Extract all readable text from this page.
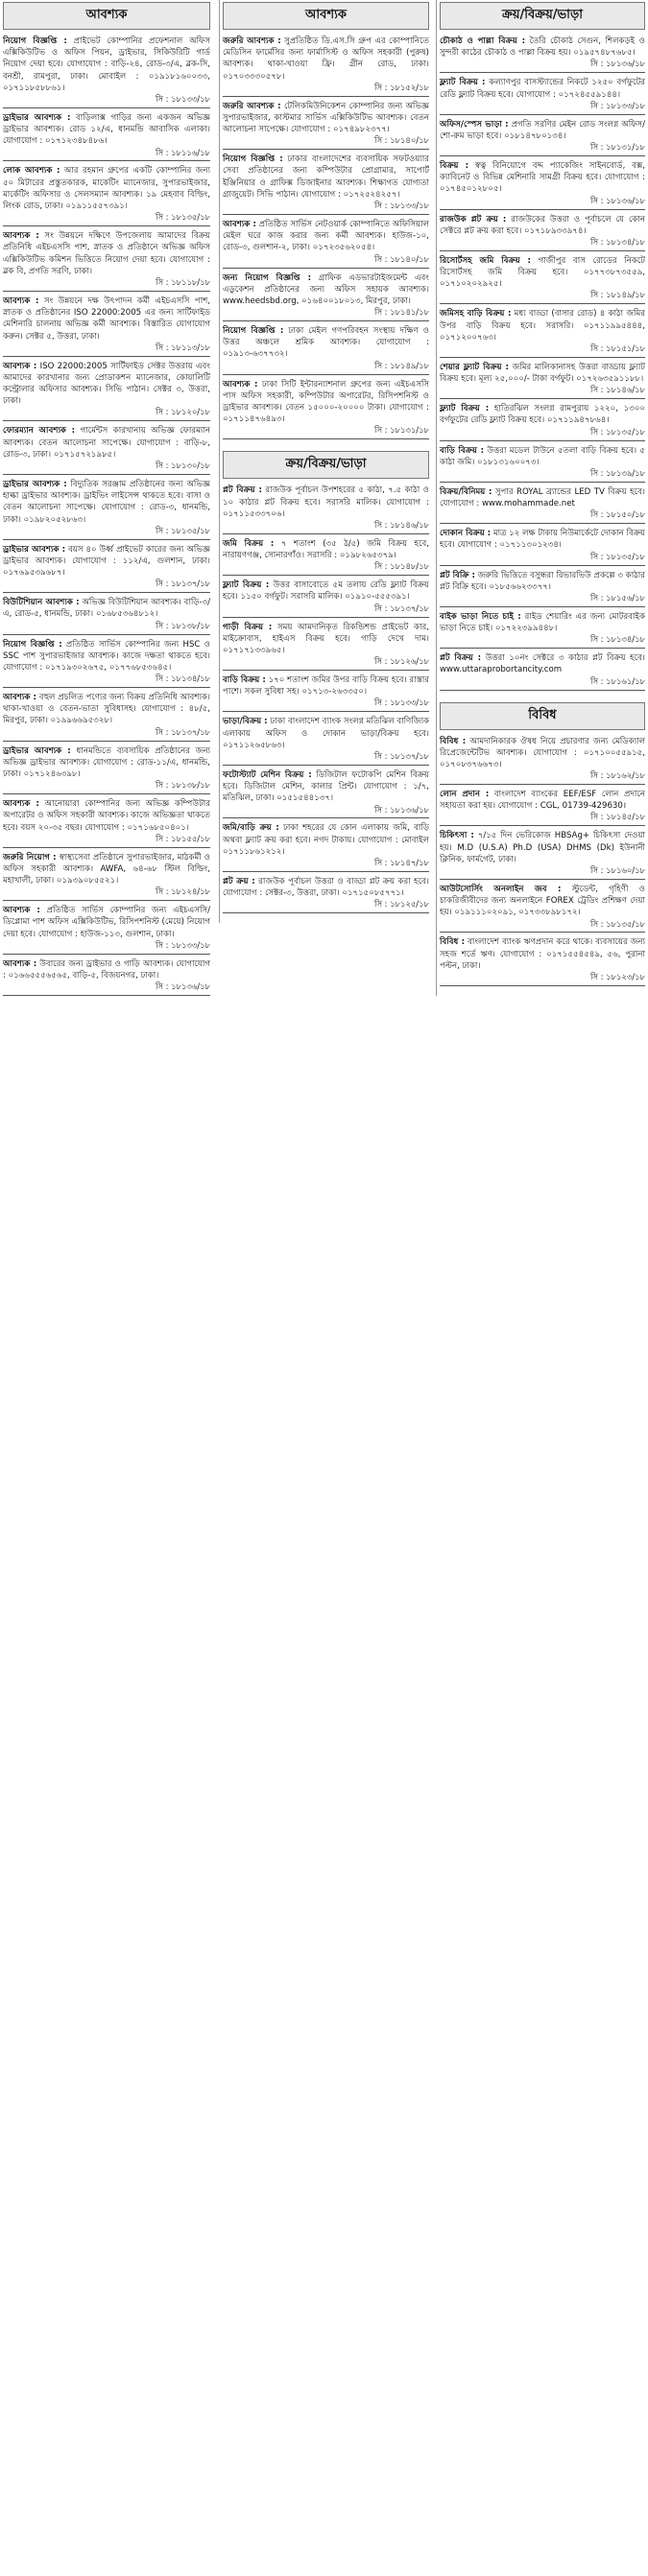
আবশ্যক
নিয়োগ বিজ্ঞপ্তি : প্রাইভেট কোম্পানির প্রফেশনাল অফিস এক্সিকিউটিভ ও অফিস পিয়ন, ড্রাইভার, সিকিউরিটি গার্ড নিয়োগ দেয়া হবে। যোগাযোগ : বাড়ি-২৪, রোড-৩/এ, ব্লক-সি, বনশ্রী, রামপুরা, ঢাকা। মোবাইল : ০১৯১৮১৬০০৩৩, ০১৭১১৮৫৮৮৬১।
সি : ১৮১৩৩/১৮
ড্রাইভার আবশ্যক : বাড়িলাক্স গাড়ির জন্য একজন অভিজ্ঞ ড্রাইভার আবশ্যক। রোড ১২/এ, ধানমন্ডি আবাসিক এলাকা। যোগাযোগ : ০১৭১২৩৪৮৪৮৬।
সি : ১৮১১৬/১৮
লোক আবশ্যক : আর রহমান গ্রুপের একটি কোম্পানির জন্য ৫০ মিটারের প্রস্তুতকারক, মাকেটিং ম্যানেজার, সুপারভাইজার, মার্কেটিং অফিসার ও সেলসম্যান আবশ্যক। ১৯ মেহবাব বিল্ডিং, লিংক রোড, ঢাকা। ০১৯১১৫৫৭৩৯১।
সি : ১৮১৩৫/১৮
আবশ্যক : সং উন্নয়নে দক্ষিণে উপজেলায় আমাদের বিক্রয় প্রতিনিধি এইচএসসি পাশ, স্নাতক ও প্রতিষ্ঠানে অভিজ্ঞ অফিস এক্সিকিউটিভ কমিশন ভিত্তিতে নিয়োগ দেয়া হবে। যোগাযোগ : ব্লক বি, প্রগতি সরণি, ঢাকা।
সি : ১৮১১৮/১৮
আবশ্যক : সং উন্নয়নে দক্ষ উৎপাদন কর্মী এইচএসসি পাশ, স্নাতক ও প্রতিষ্ঠানের ISO 22000:2005 এর জন্য সার্টিফাইড মেশিনারি চালনায় অভিজ্ঞ কর্মী আবশ্যক। বিস্তারিত যোগাযোগ করুন। সেক্টর ৫, উত্তরা, ঢাকা।
সি : ১৮১১৩/১৮
আবশ্যক : ISO 22000:2005 সার্টিফাইড সেক্টর উত্তরায় এবং আমাদের কারখানার জন্য প্রোডাকশন ম্যানেজার, কোয়ালিটি কন্ট্রোলার অফিসার আবশ্যক। সিভি পাঠান। সেক্টর ৩, উত্তরা, ঢাকা।
সি : ১৮১২০/১৮
ফোরম্যান আবশ্যক : গার্মেন্টস কারখানায় অভিজ্ঞ ফোরম্যান আবশ্যক। বেতন আলোচনা সাপেক্ষে। যোগাযোগ : বাড়ি-৮, রোড-৩, ঢাকা। ০১৭১৫৭২১৯৮৫।
সি : ১৮১৩০/১৮
ড্রাইভার আবশ্যক : বিদ্যুতিক সরঞ্জাম প্রতিষ্ঠানের জন্য অভিজ্ঞ হাল্কা ড্রাইভার আবশ্যক। ড্রাইভিং লাইসেন্স থাকতে হবে। বাসা ও বেতন আলোচনা সাপেক্ষে। যোগাযোগ : রোড-৩, ধানমন্ডি, ঢাকা। ০১৯৮২০৫২৮৬৩।
সি : ১৮১৩৫/১৮
ড্রাইভার আবশ্যক : বয়স ৪০ উর্ধ্ব প্রাইভেট কারের জন্য অভিজ্ঞ ড্রাইভার আবশ্যক। যোগাযোগ : ১১২/এ, গুলশান, ঢাকা। ০১৭৬৯৫৩৯৬৮৭।
সি : ১৮১৩৭/১৮
বিউটিশিয়ান আবশ্যক : অভিজ্ঞ বিউটিশিয়ান আবশ্যক। বাড়ি-৩/এ, রোড-৫, ধানমন্ডি, ঢাকা। ০১৬৮৫৩৬৪৮১২।
সি : ১৮১৩৮/১৮
নিয়োগ বিজ্ঞপ্তি : প্রতিষ্ঠিত সার্ভিস কোম্পানির জন্য HSC ও SSC পাশ সুপারভাইজার আবশ্যক। কাজে দক্ষতা থাকতে হবে। যোগাযোগ : ০১৭১৯৩০২৬৭৫, ০১৭৭৬৮৫৩৬৪৫।
সি : ১৮১৩৪/১৮
আবশ্যক : বহুল প্রচলিত পণ্যের জন্য বিক্রয় প্রতিনিধি আবশ্যক। থাকা-খাওয়া ও বেতন-ভাতা সুবিধাসহ। যোগাযোগ : ৪৮/৫, মিরপুর, ঢাকা। ০১৯৯৬৬৯৫৩২৮।
সি : ১৮১৩৭/১৮
ড্রাইভার আবশ্যক : ধানমন্ডিতে ব্যবসায়িক প্রতিষ্ঠানের জন্য অভিজ্ঞ ড্রাইভার আবশ্যক। যোগাযোগ : রোড-১১/এ, ধানমন্ডি, ঢাকা। ০১৭১২৪৬৩৯৮।
সি : ১৮১৩৮/১৮
আবশ্যক : আনোয়ারা কোম্পানির জন্য অভিজ্ঞ কম্পিউটার অপারেটর ও অফিস সহকারী আবশ্যক। কাজে অভিজ্ঞতা থাকতে হবে। বয়স ২০-৩৫ বছর। যোগাযোগ : ০১৭১৬৮৫০৪০১।
সি : ১৮১৫৫/১৮
জরুরি নিয়োগ : স্বাস্থ্যসেবা প্রতিষ্ঠানে সুপারভাইজার, মাঠকর্মী ও অফিস সহকারী আবশ্যক। AWFA, ৬৪-৬৮ স্টিল বিল্ডিং, মহাখালী, ঢাকা। ০১৯৩৯০৮৫৫২১।
সি : ১৮১২৪/১৮
আবশ্যক : প্রতিষ্ঠিত সার্ভিস কোম্পানির জন্য এইচএসসি/ডিপ্লোমা পাশ অফিস এক্সিকিউটিভ, রিসিপশনিস্ট (মেয়ে) নিয়োগ দেয়া হবে। যোগাযোগ : হাউজ-১১৩, গুলশান, ঢাকা।
সি : ১৮১৩৩/১৮
আবশ্যক : উবারের জন্য ড্রাইভার ও গাড়ি আবশ্যক। যোগাযোগ : ০১৬৬৫৫৫৬৫৬৫, বাড়ি-৫, বিজয়নগর, ঢাকা।
সি : ১৮১৩৬/১৮
আবশ্যক
জরুরি আবশ্যক : সুপ্রতিষ্ঠিত ডি.এস.সি গ্রুপ এর কোম্পানিতে মেডিসিন ফার্মেসির জন্য ফার্মাসিস্ট ও অফিস সহকারী (পুরুষ) আবশ্যক। থাকা-খাওয়া ফ্রি। গ্রীন রোড, ঢাকা। ০১৭০৩৩৩০৫৭৮।
সি : ১৮১৫২/১৮
জরুরি আবশ্যক : টেলিকমিউনিকেশন কোম্পানির জন্য অভিজ্ঞ সুপারভাইজার, কাস্টমার সার্ভিস এক্সিকিউটিভ আবশ্যক। বেতন আলোচনা সাপেক্ষে। যোগাযোগ : ০১৭৪৯৮২৩৭৭।
সি : ১৮১৪০/১৮
নিয়োগ বিজ্ঞপ্তি : ঢাকার বাংলাদেশের ব্যবসায়িক সফটওয়্যার সেবা প্রতিষ্ঠানের জন্য কম্পিউটার প্রোগ্রামার, সাপোর্ট ইঞ্জিনিয়ার ও গ্রাফিক্স ডিজাইনার আবশ্যক। শিক্ষাগত যোগ্যতা গ্রাজুয়েট। সিভি পাঠান। যোগাযোগ : ০১৭২৫২৪২৫৭।
সি : ১৮১৩৩/১৮
আবশ্যক : প্রতিষ্ঠিত সার্ভিস নেটওয়ার্ক কোম্পানিতে অফিসিয়াল মেইল ঘরে কাজ করার জন্য কর্মী আবশ্যক। হাউজ-১০, রোড-৩, গুলশান-২, ঢাকা। ০১৭২৩৫৬২০৫৪।
সি : ১৮১৪০/১৮
জন্য নিয়োগ বিজ্ঞপ্তি : গ্রাফিক এডভারটাইজমেন্ট এবং এডুকেশন প্রতিষ্ঠানের জন্য অফিস সহায়ক আবশ্যক। www.heedsbd.org, ০১৬৪০০১৮০১৩, মিরপুর, ঢাকা।
সি : ১৮১৪১/১৮
নিয়োগ বিজ্ঞপ্তি : ঢাকা মেইল গণপরিবহন সংস্থায় দক্ষিণ ও উত্তর অঞ্চলে শ্রমিক আবশ্যক। যোগাযোগ : ০১৯১৩-৬৩৭৭৩২।
সি : ১৮১৪৯/১৮
আবশ্যক : ঢাকা সিটি ইন্টারন্যাশনাল গ্রুপের জন্য এইচএসসি পাস অফিস সহকারী, কম্পিউটার অপারেটর, রিসিপশনিস্ট ও ড্রাইভার আবশ্যক। বেতন ১৫০০০-২০০০০ টাকা। যোগাযোগ : ০১৭১১৪৭৬৪৯৩।
সি : ১৮১৩১/১৮
ক্রয়/বিক্রয়/ভাড়া
প্লট বিক্রয় : রাজউক পূর্বাচল উপশহরের ৫ কাঠা, ৭.৫ কাঠা ও ১০ কাঠার প্লট বিক্রয় হবে। সরাসরি মালিক। যোগাযোগ : ০১৭১১৫৩৩৭০৬।
সি : ১৮১৪৬/১৮
জমি বিক্রয় : ৭ শতাংশ (৩৫ ঠ/৫) জমি বিক্রয় হবে, নারায়ণগঞ্জ, সোনারগাঁও। সরাসরি : ০১৯৮২৬৫৩৭৯।
সি : ১৮১৪৮/১৮
ফ্ল্যাট বিক্রয় : উত্তর বাসাবোতে ৫ম তলায় রেডি ফ্ল্যাট বিক্রয় হবে। ১১৫০ বর্গফুট। সরাসরি মালিক। ০১৯১০-৫৫৫৩৯১।
সি : ১৮১৩৭/১৮
গাড়ী বিক্রয় : সময় আমদানিকৃত রিকন্ডিশন্ড প্রাইভেট কার, মাইক্রোবাস, হাইএস বিক্রয় হবে। গাড়ি দেখে দাম। ০১৭১৭১৩৩৯৬৫।
সি : ১৮১২৬/১৮
বাড়ি বিক্রয় : ১৭০ শতাংশ জমির উপর বাড়ি বিক্রয় হবে। রাস্তার পাশে। সকল সুবিধা সহ। ০১৭১৩-২৬৩৩৫০।
সি : ১৮১৩৩/১৮
ভাড়া/বিক্রয় : ঢাকা বাংলাদেশ ব্যাংক সংলগ্ন মতিঝিল বাণিজ্যিক এলাকায় অফিস ও দোকান ভাড়া/বিক্রয় হবে। ০১৭১১২৬৫৮৬৩।
সি : ১৮১৩৭/১৮
ফটোস্ট্যাট মেশিন বিক্রয় : ডিজিটাল ফটোকপি মেশিন বিক্রয় হবে। ডিজিটাল মেশিন, কালার প্রিন্ট। যোগাযোগ : ১/৭, মতিঝিল, ঢাকা। ০১৫১৫৪৪১৩৭।
সি : ১৮১৩৬/১৮
জমি/বাড়ি ক্রয় : ঢাকা শহরের যে কোন এলাকায় জমি, বাড়ি অথবা ফ্ল্যাট ক্রয় করা হবে। নগদ টাকায়। যোগাযোগ : মোবাইল ০১৭১১৮৬১২১২।
সি : ১৮১৪৭/১৮
প্লট ক্রয় : রাজউক পূর্বাচল উত্তরা ও বাড্ডা প্লট ক্রয় করা হবে। যোগাযোগ : সেক্টর-৩, উত্তরা, ঢাকা। ০১৭১৫০৮৫৭৭১।
সি : ১৮১২৫/১৮
ক্রয়/বিক্রয়/ভাড়া
চৌকাঠ ও পাল্লা বিক্রয় : তৈরি চৌকাঠ সেগুন, শিলকড়ই ও সুন্দরী কাঠের চৌকাঠ ও পাল্লা বিক্রয় হয়। ০১৯৫৭৪৮৭৬৮৫।
সি : ১৮১৩৬/১৮
ফ্ল্যাট বিক্রয় : কল্যাণপুর বাসস্ট্যান্ডের নিকটে ১২৫০ বর্গফুটের রেডি ফ্ল্যাট বিক্রয় হবে। যোগাযোগ : ০১৭২৪৫৫৯১৪৪।
সি : ১৮১৩৩/১৮
অফিস/স্পেস ভাড়া : প্রগতি সরণির মেইন রোড সংলগ্ন অফিস/শো-রুম ভাড়া হবে। ০১৮১৪৭৮০১৩৪।
সি : ১৮১৩১/১৮
বিক্রয় : স্বত্ব বিনিয়োগে বদ্দ প্যাকেজিং সাইনবোর্ড, বক্স, ক্যাবিনেট ও বিভিন্ন মেশিনারি সামগ্রী বিক্রয় হবে। যোগাযোগ : ০১৭৪৫০১২৮০৫।
সি : ১৮১৩৬/১৮
রাজউক প্লট ক্রয় : রাজউকের উত্তরা ও পূর্বাচলে যে কোন সেক্টরে প্লট ক্রয় করা হবে। ০১৭১৮৯৩৩৯৭৪।
সি : ১৮১৩৪/১৮
রিসোর্টসহ জমি বিক্রয় : গাজীপুর বাস রোডের নিকটে রিসোর্টসহ জমি বিক্রয় হবে। ০১৭৭৩৮৭৩৫৫৯, ০১৭১০২০২৯২৫।
সি : ১৮১৪৯/১৮
জমিসহ বাড়ি বিক্রয় : মধ্য বাড্ডা (বাসার রোড) ৪ কাঠা জমির উপর বাড়ি বিক্রয় হবে। সরাসরি। ০১৭১১৯৯৫৪৪৪, ০১৭১২০০৭৬৩।
সি : ১৮১৫১/১৮
শেয়ার ফ্ল্যাট বিক্রয় : জমির মালিকানাসহ উত্তরা বাড্ডায় ফ্ল্যাট বিক্রয় হবে। মূল্য ২৫,০০০/- টাকা বর্গফুট। ০১৭২৬৩৫৯১১৮৮।
সি : ১৮১৪৬/১৮
ফ্ল্যাট বিক্রয় : হাতিরঝিল সংলগ্ন রামপুরায় ১২২০, ১৩০০ বর্গফুটের রেডি ফ্ল্যাট বিক্রয় হবে। ০১৭১১৯৪৭৮৬৪।
সি : ১৮১৩৫/১৮
বাড়ি বিক্রয় : উত্তরা মডেল টাউনে ৫তলা বাড়ি বিক্রয় হবে। ৫ কাঠা জমি। ০১৮১৩১৬০০৭৩।
সি : ১৮১৩৯/১৮
বিক্রয়/বিনিময় : সুপার ROYAL ব্র্যান্ডের LED TV বিক্রয় হবে। যোগাযোগ : www.mohammade.net
সি : ১৮১৫০/১৮
দোকান বিক্রয় : মাত্র ১২ লক্ষ টাকায় নিউমার্কেটে দোকান বিক্রয় হবে। যোগাযোগ : ০১৭১১৩০১২৩৪।
সি : ১৮১৩৫/১৮
প্লট বিক্রি : জরুরি ভিত্তিতে বসুন্ধরা রিভারভিউ প্রকল্পে ৩ কাঠার প্লট বিক্রি হবে। ০১৮৫৬৬২৩৩৭৭।
সি : ১৮১৫৬/১৮
বাইক ভাড়া নিতে চাই : রাইড শেয়ারিং এর জন্য মোটরবাইক ভাড়া নিতে চাই। ০১৭২২৩৯৯৪৪৮।
সি : ১৮১৩৪/১৮
প্লট বিক্রয় : উত্তরা ১০নং সেক্টরে ৩ কাঠার প্লট বিক্রয় হবে। www.uttaraprobortancity.com
সি : ১৮১৬১/১৮
বিবিধ
বিবিধ : আমদানিকারক ঔষধ নিয়ে প্রচারণার জন্য মেডিক্যাল রিপ্রেজেন্টেটিভ আবশ্যক। যোগাযোগ : ০১৭১০০৫৫৯১৫, ০১৭০৮৩৭৬৬৭৩।
সি : ১৮১৬২/১৮
লোন প্রদান : বাংলাদেশ ব্যাংকের EEF/ESF লোন প্রদানে সহায়তা করা হয়। যোগাযোগ : CGL, 01739-429630।
সি : ১৮১৪৫/১৮
চিকিৎসা : ৭/১৫ দিন ভেরিকোজ HBSAg+ চিকিৎসা দেওয়া হয়। M.D (U.S.A) Ph.D (USA) DHMS (Dk) ইউনানী ক্লিনিক, ফার্মগেট, ঢাকা।
সি : ১৮১৬০/১৮
আউটসোর্সিং অনলাইন জব : স্টুডেন্ট, গৃহিণী ও চাকরিজীবীদের জন্য অনলাইনে FOREX ট্রেডিং প্রশিক্ষণ দেয়া হয়। ০১৯১১১০২০৯১, ০১৭৩৩৮৯৮১৭২।
সি : ১৮১৩৫/১৮
বিবিধ : বাংলাদেশ ব্যাংক ঋণপ্রদান করে থাকে। ব্যবসায়ের জন্য সহজ শর্তে ঋণ। যোগাযোগ : ০১৭১৫৫৪৫৪৯, ৫৬, পুরানা পল্টন, ঢাকা।
সি : ১৮১২৩/১৮
